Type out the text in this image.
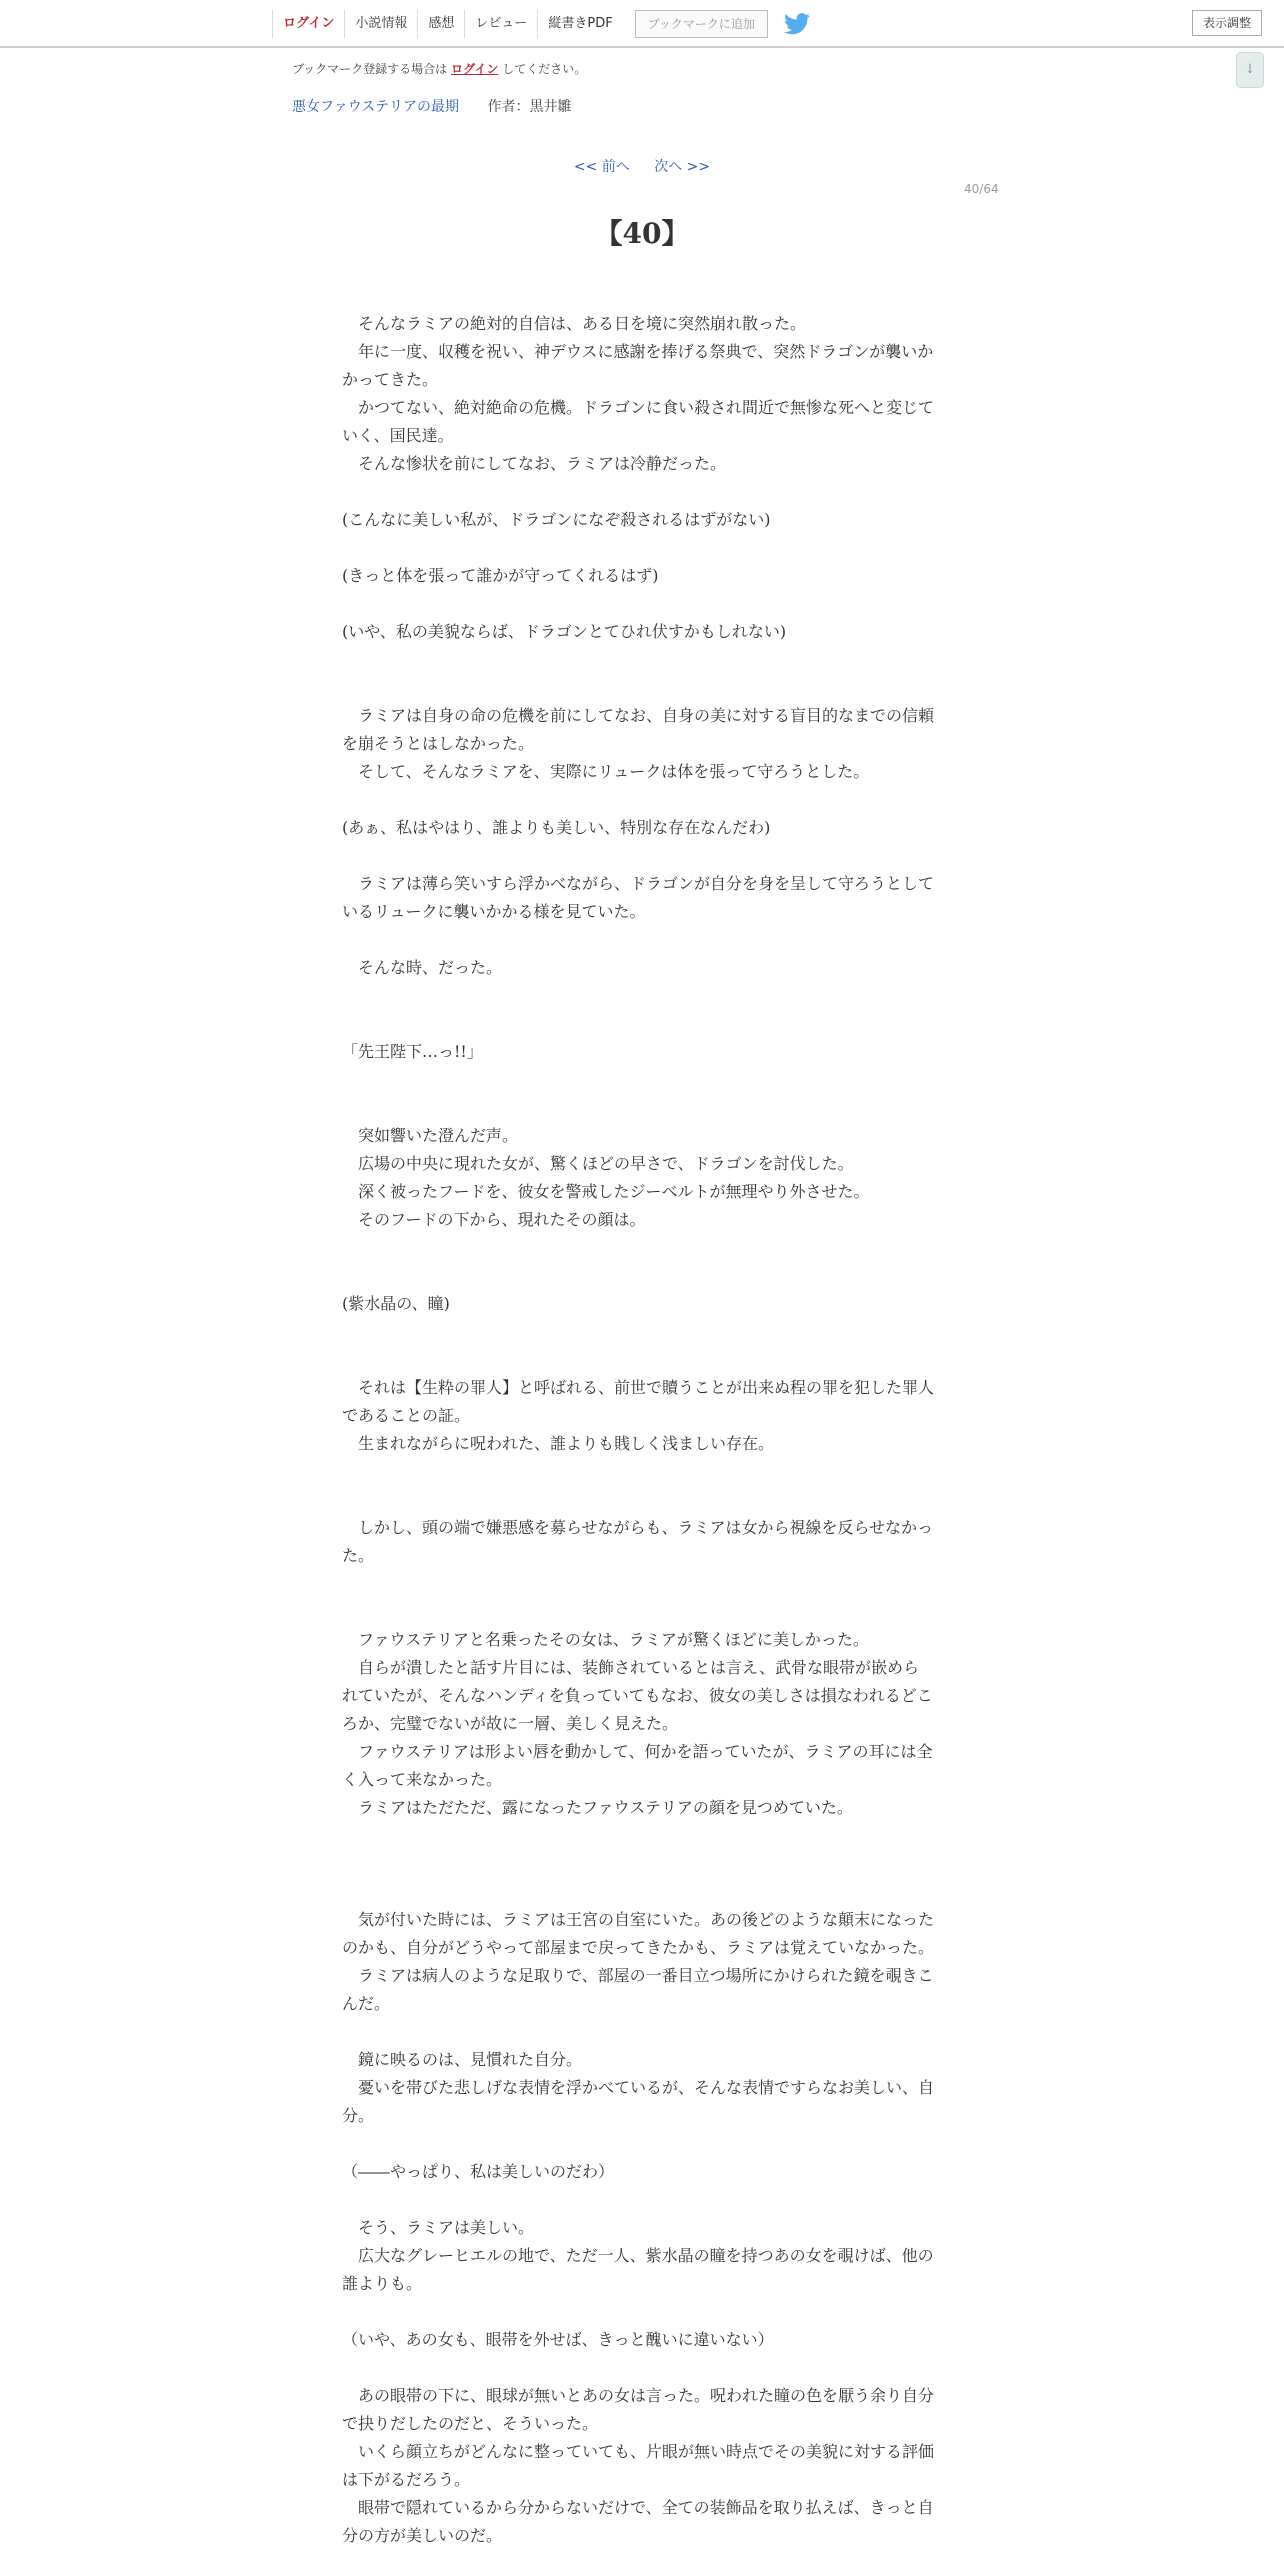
ログイン	小説情報	感想	レビュー	縦書きPDF	ブックマークに追加	表示調整
↓
ブックマーク登録する場合は ログイン してください。
悪女ファウステリアの最期 作者：黒井雛
<< 前へ 次へ >>
40/64
【40】

　そんなラミアの絶対的自信は、ある日を境に突然崩れ散った。

　年に一度、収穫を祝い、神デウスに感謝を捧げる祭典で、突然ドラゴンが襲いかかってきた。

　かつてない、絶対絶命の危機。ドラゴンに食い殺され間近で無惨な死へと変じていく、国民達。

　そんな惨状を前にしてなお、ラミアは冷静だった。

(こんなに美しい私が、ドラゴンになぞ殺されるはずがない)

(きっと体を張って誰かが守ってくれるはず)

(いや、私の美貌ならば、ドラゴンとてひれ伏すかもしれない)

　ラミアは自身の命の危機を前にしてなお、自身の美に対する盲目的なまでの信頼を崩そうとはしなかった。

　そして、そんなラミアを、実際にリュークは体を張って守ろうとした。

(あぁ、私はやはり、誰よりも美しい、特別な存在なんだわ)

　ラミアは薄ら笑いすら浮かべながら、ドラゴンが自分を身を呈して守ろうとしているリュークに襲いかかる様を見ていた。

　そんな時、だった。

「先王陛下…っ!!」

　突如響いた澄んだ声。

　広場の中央に現れた女が、驚くほどの早さで、ドラゴンを討伐した。

　深く被ったフードを、彼女を警戒したジーベルトが無理やり外させた。

　そのフードの下から、現れたその顔は。

(紫水晶の、瞳)

　それは【生粋の罪人】と呼ばれる、前世で贖うことが出来ぬ程の罪を犯した罪人であることの証。

　生まれながらに呪われた、誰よりも賎しく浅ましい存在。

　しかし、頭の端で嫌悪感を募らせながらも、ラミアは女から視線を反らせなかった。

　ファウステリアと名乗ったその女は、ラミアが驚くほどに美しかった。

　自らが潰したと話す片目には、装飾されているとは言え、武骨な眼帯が嵌められていたが、そんなハンディを負っていてもなお、彼女の美しさは損なわれるどころか、完璧でないが故に一層、美しく見えた。

　ファウステリアは形よい唇を動かして、何かを語っていたが、ラミアの耳には全く入って来なかった。

　ラミアはただただ、露になったファウステリアの顔を見つめていた。

　気が付いた時には、ラミアは王宮の自室にいた。あの後どのような顛末になったのかも、自分がどうやって部屋まで戻ってきたかも、ラミアは覚えていなかった。

　ラミアは病人のような足取りで、部屋の一番目立つ場所にかけられた鏡を覗きこんだ。

　鏡に映るのは、見慣れた自分。

　憂いを帯びた悲しげな表情を浮かべているが、そんな表情ですらなお美しい、自分。

（――やっぱり、私は美しいのだわ）

　そう、ラミアは美しい。

　広大なグレーヒエルの地で、ただ一人、紫水晶の瞳を持つあの女を覗けば、他の誰よりも。

（いや、あの女も、眼帯を外せば、きっと醜いに違いない）

　あの眼帯の下に、眼球が無いとあの女は言った。呪われた瞳の色を厭う余り自分で抉りだしたのだと、そういった。

　いくら顔立ちがどんなに整っていても、片眼が無い時点でその美貌に対する評価は下がるだろう。

　眼帯で隠れているから分からないだけで、全ての装飾品を取り払えば、きっと自分の方が美しいのだ。
